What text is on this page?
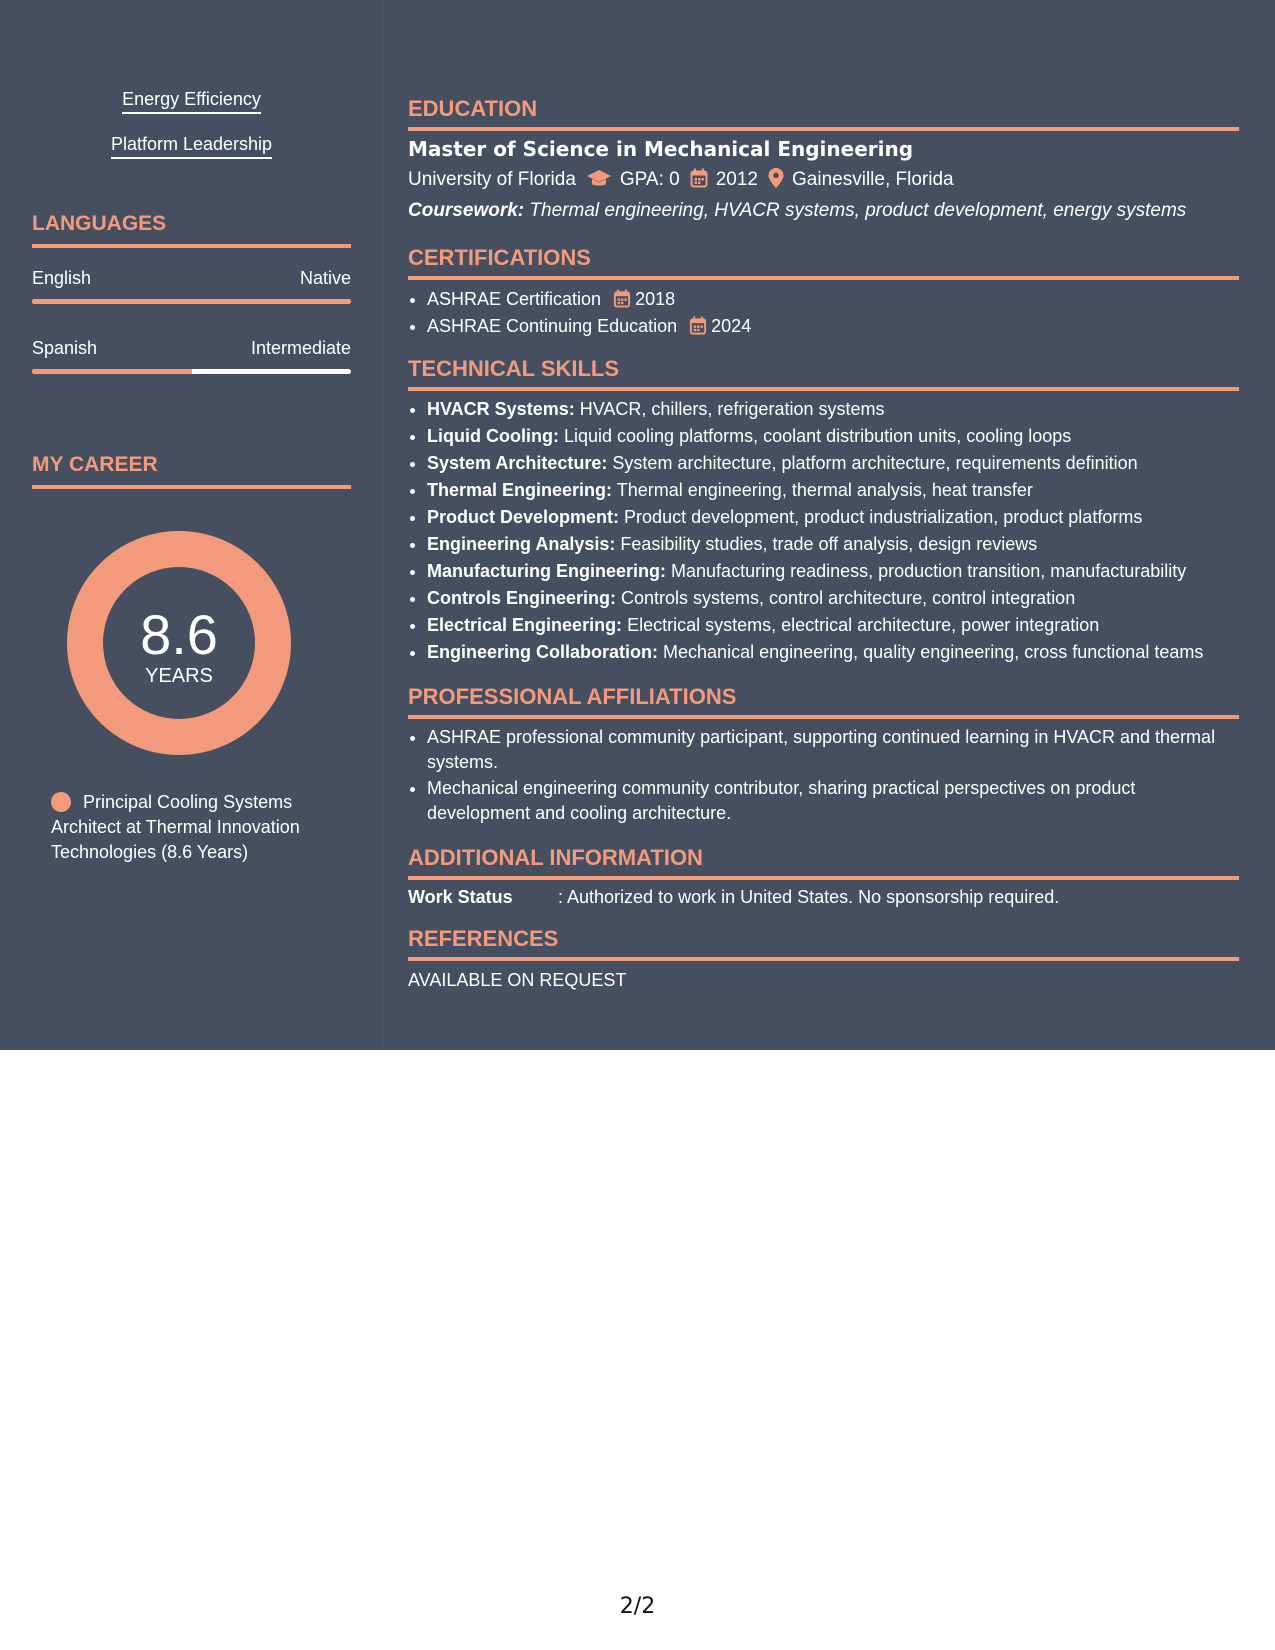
Energy Efficiency
Platform Leadership
LANGUAGES
English	Native
Spanish	Intermediate
MY CAREER
8.6
YEARS
Principal Cooling Systems Architect at Thermal Innovation Technologies (8.6 Years)
EDUCATION
Master of Science in Mechanical Engineering
University of Florida GPA: 0 2012 Gainesville, Florida
Coursework: Thermal engineering, HVACR systems, product development, energy systems
CERTIFICATIONS
• ASHRAE Certification 2018
• ASHRAE Continuing Education 2024
TECHNICAL SKILLS
• HVACR Systems: HVACR, chillers, refrigeration systems
• Liquid Cooling: Liquid cooling platforms, coolant distribution units, cooling loops
• System Architecture: System architecture, platform architecture, requirements definition
• Thermal Engineering: Thermal engineering, thermal analysis, heat transfer
• Product Development: Product development, product industrialization, product platforms
• Engineering Analysis: Feasibility studies, trade off analysis, design reviews
• Manufacturing Engineering: Manufacturing readiness, production transition, manufacturability
• Controls Engineering: Controls systems, control architecture, control integration
• Electrical Engineering: Electrical systems, electrical architecture, power integration
• Engineering Collaboration: Mechanical engineering, quality engineering, cross functional teams
PROFESSIONAL AFFILIATIONS
• ASHRAE professional community participant, supporting continued learning in HVACR and thermal systems.
• Mechanical engineering community contributor, sharing practical perspectives on product development and cooling architecture.
ADDITIONAL INFORMATION
Work Status	: Authorized to work in United States. No sponsorship required.
REFERENCES
AVAILABLE ON REQUEST
2/2
